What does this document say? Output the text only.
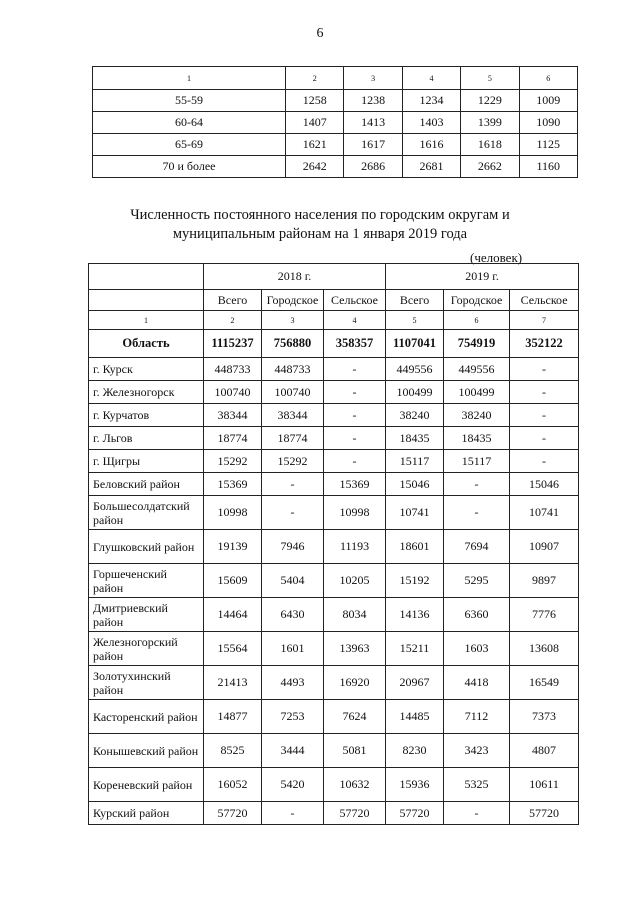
6
1	2	3	4	5	6
55-59	1258	1238	1234	1229	1009
60-64	1407	1413	1403	1399	1090
65-69	1621	1617	1616	1618	1125
70 и более	2642	2686	2681	2662	1160
Численность постоянного населения по городским округам и
муниципальным районам на 1 января 2019 года
(человек)
	2018 г.			2019 г.		
	Всего	Городское	Сельское	Всего	Городское	Сельское
1	2	3	4	5	6	7
Область	1115237	756880	358357	1107041	754919	352122
г. Курск	448733	448733	-	449556	449556	-
г. Железногорск	100740	100740	-	100499	100499	-
г. Курчатов	38344	38344	-	38240	38240	-
г. Льгов	18774	18774	-	18435	18435	-
г. Щигры	15292	15292	-	15117	15117	-
Беловский район	15369	-	15369	15046	-	15046
Большесолдатский район	10998	-	10998	10741	-	10741
Глушковский район	19139	7946	11193	18601	7694	10907
Горшеченский район	15609	5404	10205	15192	5295	9897
Дмитриевский район	14464	6430	8034	14136	6360	7776
Железногорский район	15564	1601	13963	15211	1603	13608
Золотухинский район	21413	4493	16920	20967	4418	16549
Касторенский район	14877	7253	7624	14485	7112	7373
Конышевский район	8525	3444	5081	8230	3423	4807
Кореневский район	16052	5420	10632	15936	5325	10611
Курский район	57720	-	57720	57720	-	57720
